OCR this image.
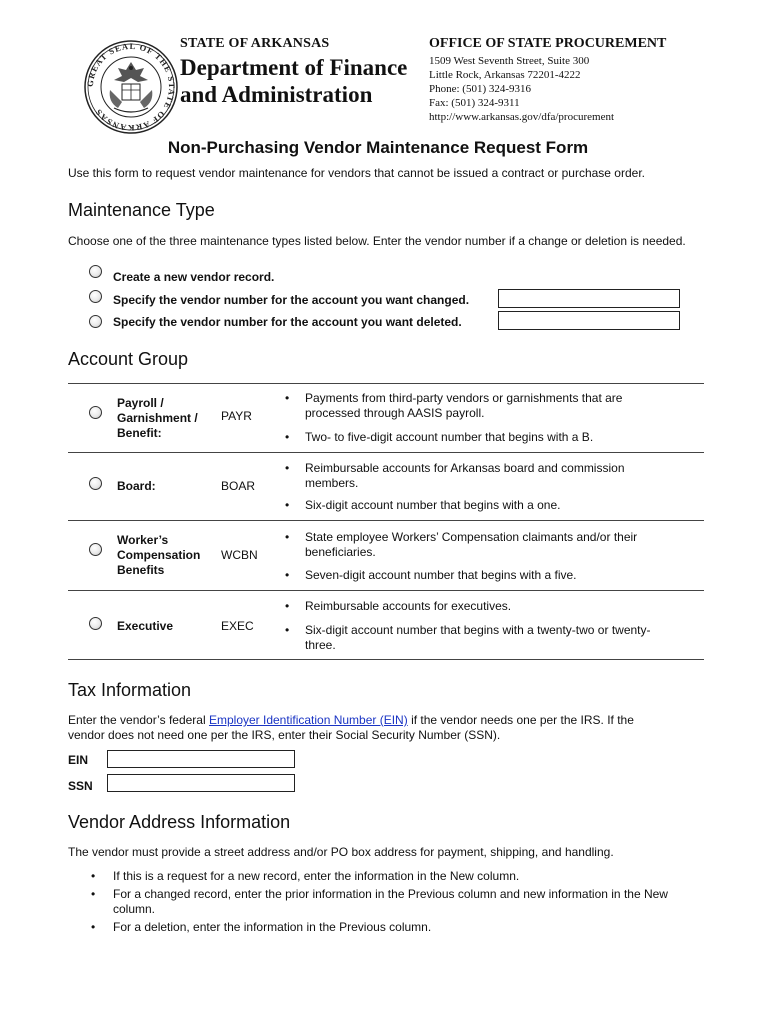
GREAT SEAL OF THE STATE OF ARKANSAS
STATE OF ARKANSAS
Department of Finance
and Administration
OFFICE OF STATE PROCUREMENT
1509 West Seventh Street, Suite 300
Little Rock, Arkansas 72201-4222
Phone: (501) 324-9316
Fax: (501) 324-9311
http://www.arkansas.gov/dfa/procurement
Non-Purchasing Vendor Maintenance Request Form
Use this form to request vendor maintenance for vendors that cannot be issued a contract or purchase order.
Maintenance Type
Choose one of the three maintenance types listed below. Enter the vendor number if a change or deletion is needed.
Create a new vendor record.
Specify the vendor number for the account you want changed.
Specify the vendor number for the account you want deleted.
Account Group
Payroll /
Garnishment /
Benefit:
PAYR
• Payments from third-party vendors or garnishments that are
processed through AASIS payroll.
• Two- to five-digit account number that begins with a B.
Board:	BOAR
• Reimbursable accounts for Arkansas board and commission
members.
• Six-digit account number that begins with a one.
Worker’s
Compensation
Benefits
WCBN
• State employee Workers’ Compensation claimants and/or their
beneficiaries.
• Seven-digit account number that begins with a five.
Executive	EXEC
• Reimbursable accounts for executives.
• Six-digit account number that begins with a twenty-two or twenty-
three.
Tax Information
Enter the vendor’s federal Employer Identification Number (EIN) if the vendor needs one per the IRS. If the
vendor does not need one per the IRS, enter their Social Security Number (SSN).
EIN
SSN
Vendor Address Information
The vendor must provide a street address and/or PO box address for payment, shipping, and handling.
• If this is a request for a new record, enter the information in the New column.
• For a changed record, enter the prior information in the Previous column and new information in the New
column.
• For a deletion, enter the information in the Previous column.
